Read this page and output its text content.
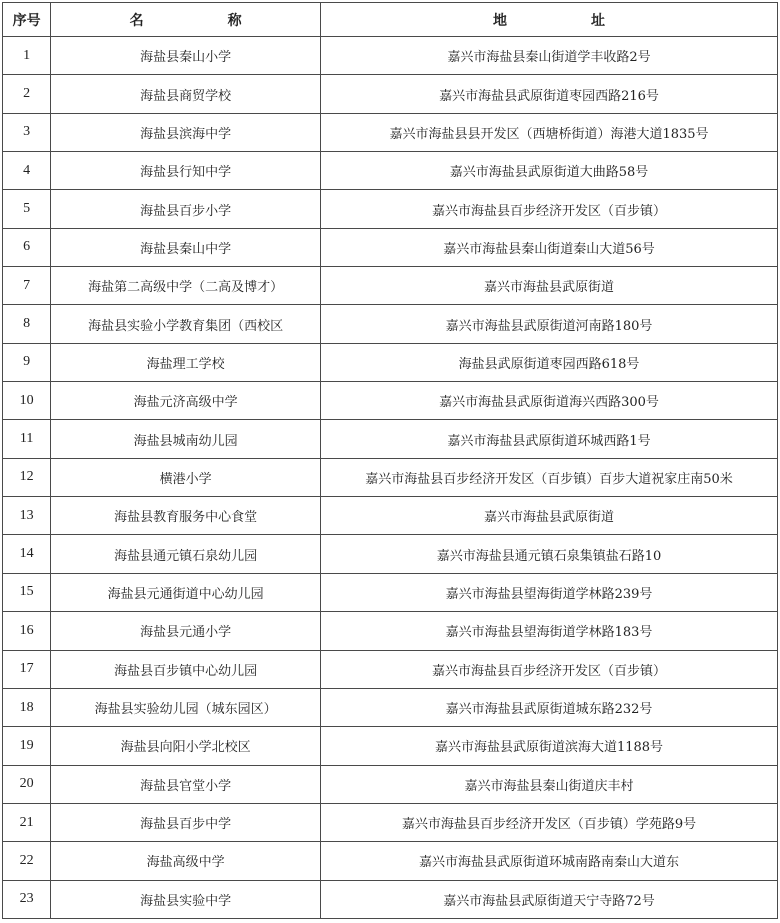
序号	名　　　　　　称	地　　　　　　址
1	海盐县秦山小学	嘉兴市海盐县秦山街道学丰收路2号
2	海盐县商贸学校	嘉兴市海盐县武原街道枣园西路216号
3	海盐县滨海中学	嘉兴市海盐县县开发区（西塘桥街道）海港大道1835号
4	海盐县行知中学	嘉兴市海盐县武原街道大曲路58号
5	海盐县百步小学	嘉兴市海盐县百步经济开发区（百步镇）
6	海盐县秦山中学	嘉兴市海盐县秦山街道秦山大道56号
7	海盐第二高级中学（二高及博才）	嘉兴市海盐县武原街道
8	海盐县实验小学教育集团（西校区	嘉兴市海盐县武原街道河南路180号
9	海盐理工学校	海盐县武原街道枣园西路618号
10	海盐元济高级中学	嘉兴市海盐县武原街道海兴西路300号
11	海盐县城南幼儿园	嘉兴市海盐县武原街道环城西路1号
12	横港小学	嘉兴市海盐县百步经济开发区（百步镇）百步大道祝家庄南50米
13	海盐县教育服务中心食堂	嘉兴市海盐县武原街道
14	海盐县通元镇石泉幼儿园	嘉兴市海盐县通元镇石泉集镇盐石路10
15	海盐县元通街道中心幼儿园	嘉兴市海盐县望海街道学林路239号
16	海盐县元通小学	嘉兴市海盐县望海街道学林路183号
17	海盐县百步镇中心幼儿园	嘉兴市海盐县百步经济开发区（百步镇）
18	海盐县实验幼儿园（城东园区）	嘉兴市海盐县武原街道城东路232号
19	海盐县向阳小学北校区	嘉兴市海盐县武原街道滨海大道1188号
20	海盐县官堂小学	嘉兴市海盐县秦山街道庆丰村
21	海盐县百步中学	嘉兴市海盐县百步经济开发区（百步镇）学苑路9号
22	海盐高级中学	嘉兴市海盐县武原街道环城南路南秦山大道东
23	海盐县实验中学	嘉兴市海盐县武原街道天宁寺路72号
